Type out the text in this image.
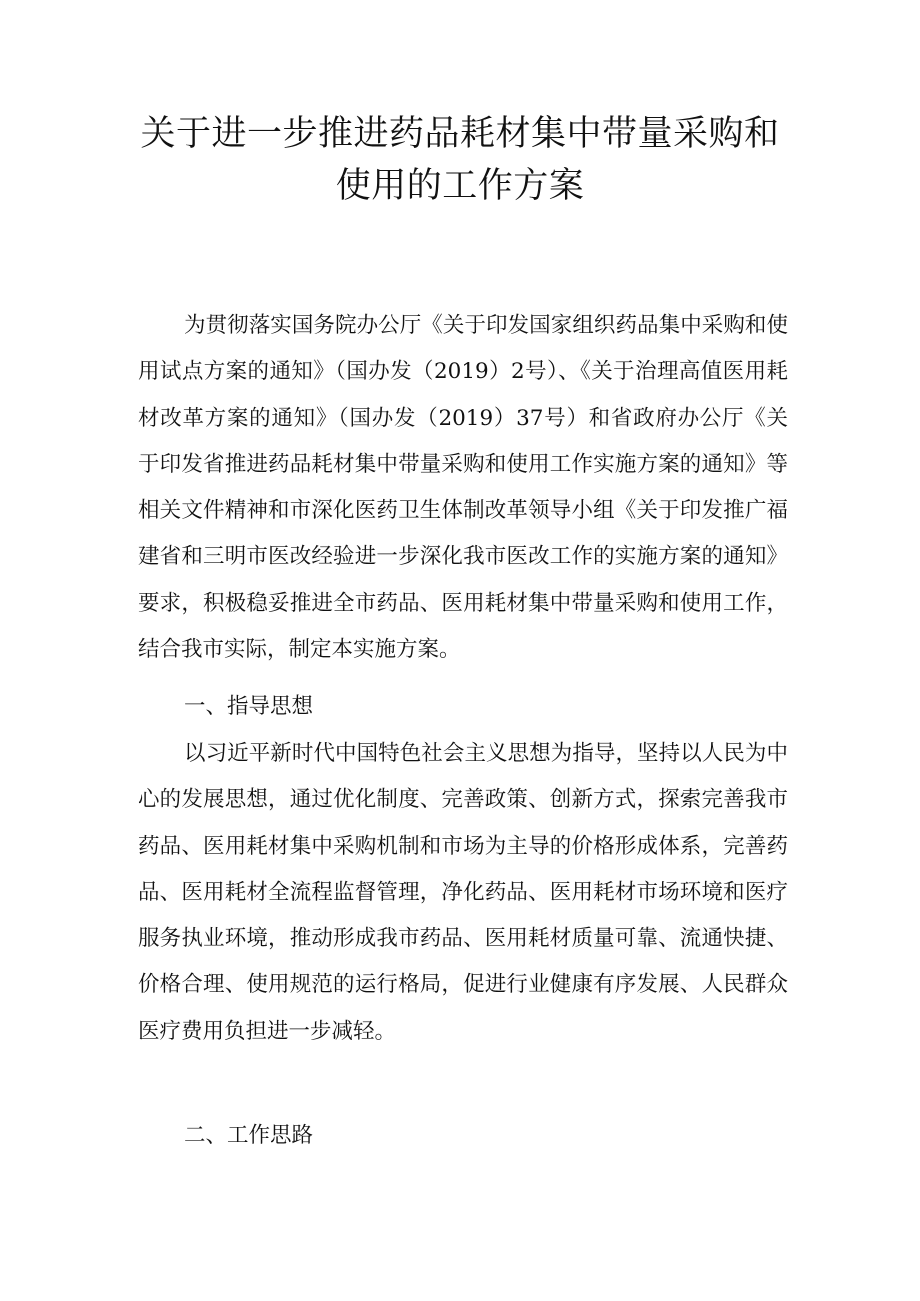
关于进一步推进药品耗材集中带量采购和
使用的工作方案

为贯彻落实国务院办公厅《关于印发国家组织药品集中采购和使用试点方案的通知》（国办发（2019）2号）、《关于治理高值医用耗材改革方案的通知》（国办发（2019）37号）和省政府办公厅《关于印发省推进药品耗材集中带量采购和使用工作实施方案的通知》等相关文件精神和市深化医药卫生体制改革领导小组《关于印发推广福建省和三明市医改经验进一步深化我市医改工作的实施方案的通知》要求，积极稳妥推进全市药品、医用耗材集中带量采购和使用工作，结合我市实际，制定本实施方案。

一、指导思想

以习近平新时代中国特色社会主义思想为指导，坚持以人民为中心的发展思想，通过优化制度、完善政策、创新方式，探索完善我市药品、医用耗材集中采购机制和市场为主导的价格形成体系，完善药品、医用耗材全流程监督管理，净化药品、医用耗材市场环境和医疗服务执业环境，推动形成我市药品、医用耗材质量可靠、流通快捷、价格合理、使用规范的运行格局，促进行业健康有序发展、人民群众医疗费用负担进一步减轻。

二、工作思路
